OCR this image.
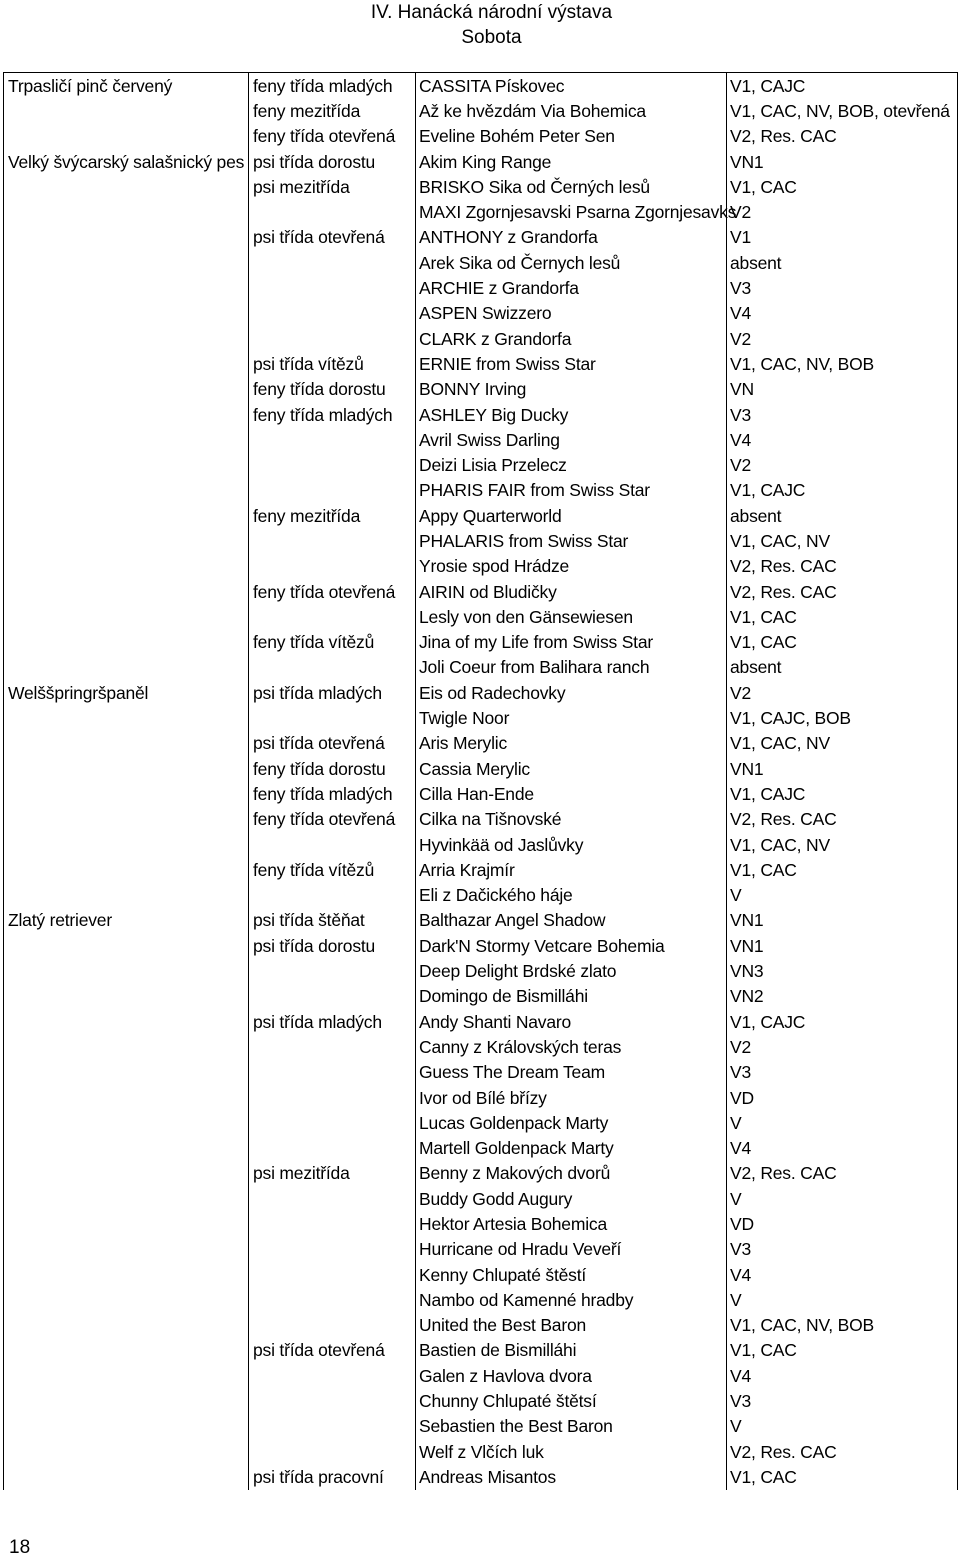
IV. Hanácká národní výstava
Sobota
Trpasličí pinč červený	feny třída mladých	CASSITA Pískovec	V1, CAJC
	feny mezitřída	Až ke hvězdám Via Bohemica	V1, CAC, NV, BOB, otevřená
	feny třída otevřená	Eveline Bohém Peter Sen	V2, Res. CAC
Velký švýcarský salašnický pes	psi třída dorostu	Akim King Range	VN1
	psi mezitřída	BRISKO Sika od Černých lesů	V1, CAC
		MAXI Zgornjesavski Psarna Zgornjesavks	V2
	psi třída otevřená	ANTHONY z Grandorfa	V1
		Arek Sika od Černych lesů	absent
		ARCHIE z Grandorfa	V3
		ASPEN Swizzero	V4
		CLARK z Grandorfa	V2
	psi třída vítězů	ERNIE from Swiss Star	V1, CAC, NV, BOB
	feny třída dorostu	BONNY Irving	VN
	feny třída mladých	ASHLEY Big Ducky	V3
		Avril Swiss Darling	V4
		Deizi Lisia Przelecz	V2
		PHARIS FAIR from Swiss Star	V1, CAJC
	feny mezitřída	Appy Quarterworld	absent
		PHALARIS from Swiss Star	V1, CAC, NV
		Yrosie spod Hrádze	V2, Res. CAC
	feny třída otevřená	AIRIN od Bludičky	V2, Res. CAC
		Lesly von den Gänsewiesen	V1, CAC
	feny třída vítězů	Jina of my Life from Swiss Star	V1, CAC
		Joli Coeur from Balihara ranch	absent
Welššpringršpaněl	psi třída mladých	Eis od Radechovky	V2
		Twigle Noor	V1, CAJC, BOB
	psi třída otevřená	Aris Merylic	V1, CAC, NV
	feny třída dorostu	Cassia Merylic	VN1
	feny třída mladých	Cilla Han-Ende	V1, CAJC
	feny třída otevřená	Cilka na Tišnovské	V2, Res. CAC
		Hyvinkää od Jaslůvky	V1, CAC, NV
	feny třída vítězů	Arria Krajmír	V1, CAC
		Eli z Dačického háje	V
Zlatý retriever	psi třída štěňat	Balthazar Angel Shadow	VN1
	psi třída dorostu	Dark'N Stormy Vetcare Bohemia	VN1
		Deep Delight Brdské zlato	VN3
		Domingo de Bismilláhi	VN2
	psi třída mladých	Andy Shanti Navaro	V1, CAJC
		Canny z Královských teras	V2
		Guess The Dream Team	V3
		Ivor od Bílé břízy	VD
		Lucas Goldenpack Marty	V
		Martell Goldenpack Marty	V4
	psi mezitřída	Benny z Makových dvorů	V2, Res. CAC
		Buddy Godd Augury	V
		Hektor Artesia Bohemica	VD
		Hurricane od Hradu Veveří	V3
		Kenny Chlupaté štěstí	V4
		Nambo od Kamenné hradby	V
		United the Best Baron	V1, CAC, NV, BOB
	psi třída otevřená	Bastien de Bismilláhi	V1, CAC
		Galen z Havlova dvora	V4
		Chunny Chlupaté štětsí	V3
		Sebastien the Best Baron	V
		Welf z Vlčích luk	V2, Res. CAC
	psi třída pracovní	Andreas Misantos	V1, CAC
18
